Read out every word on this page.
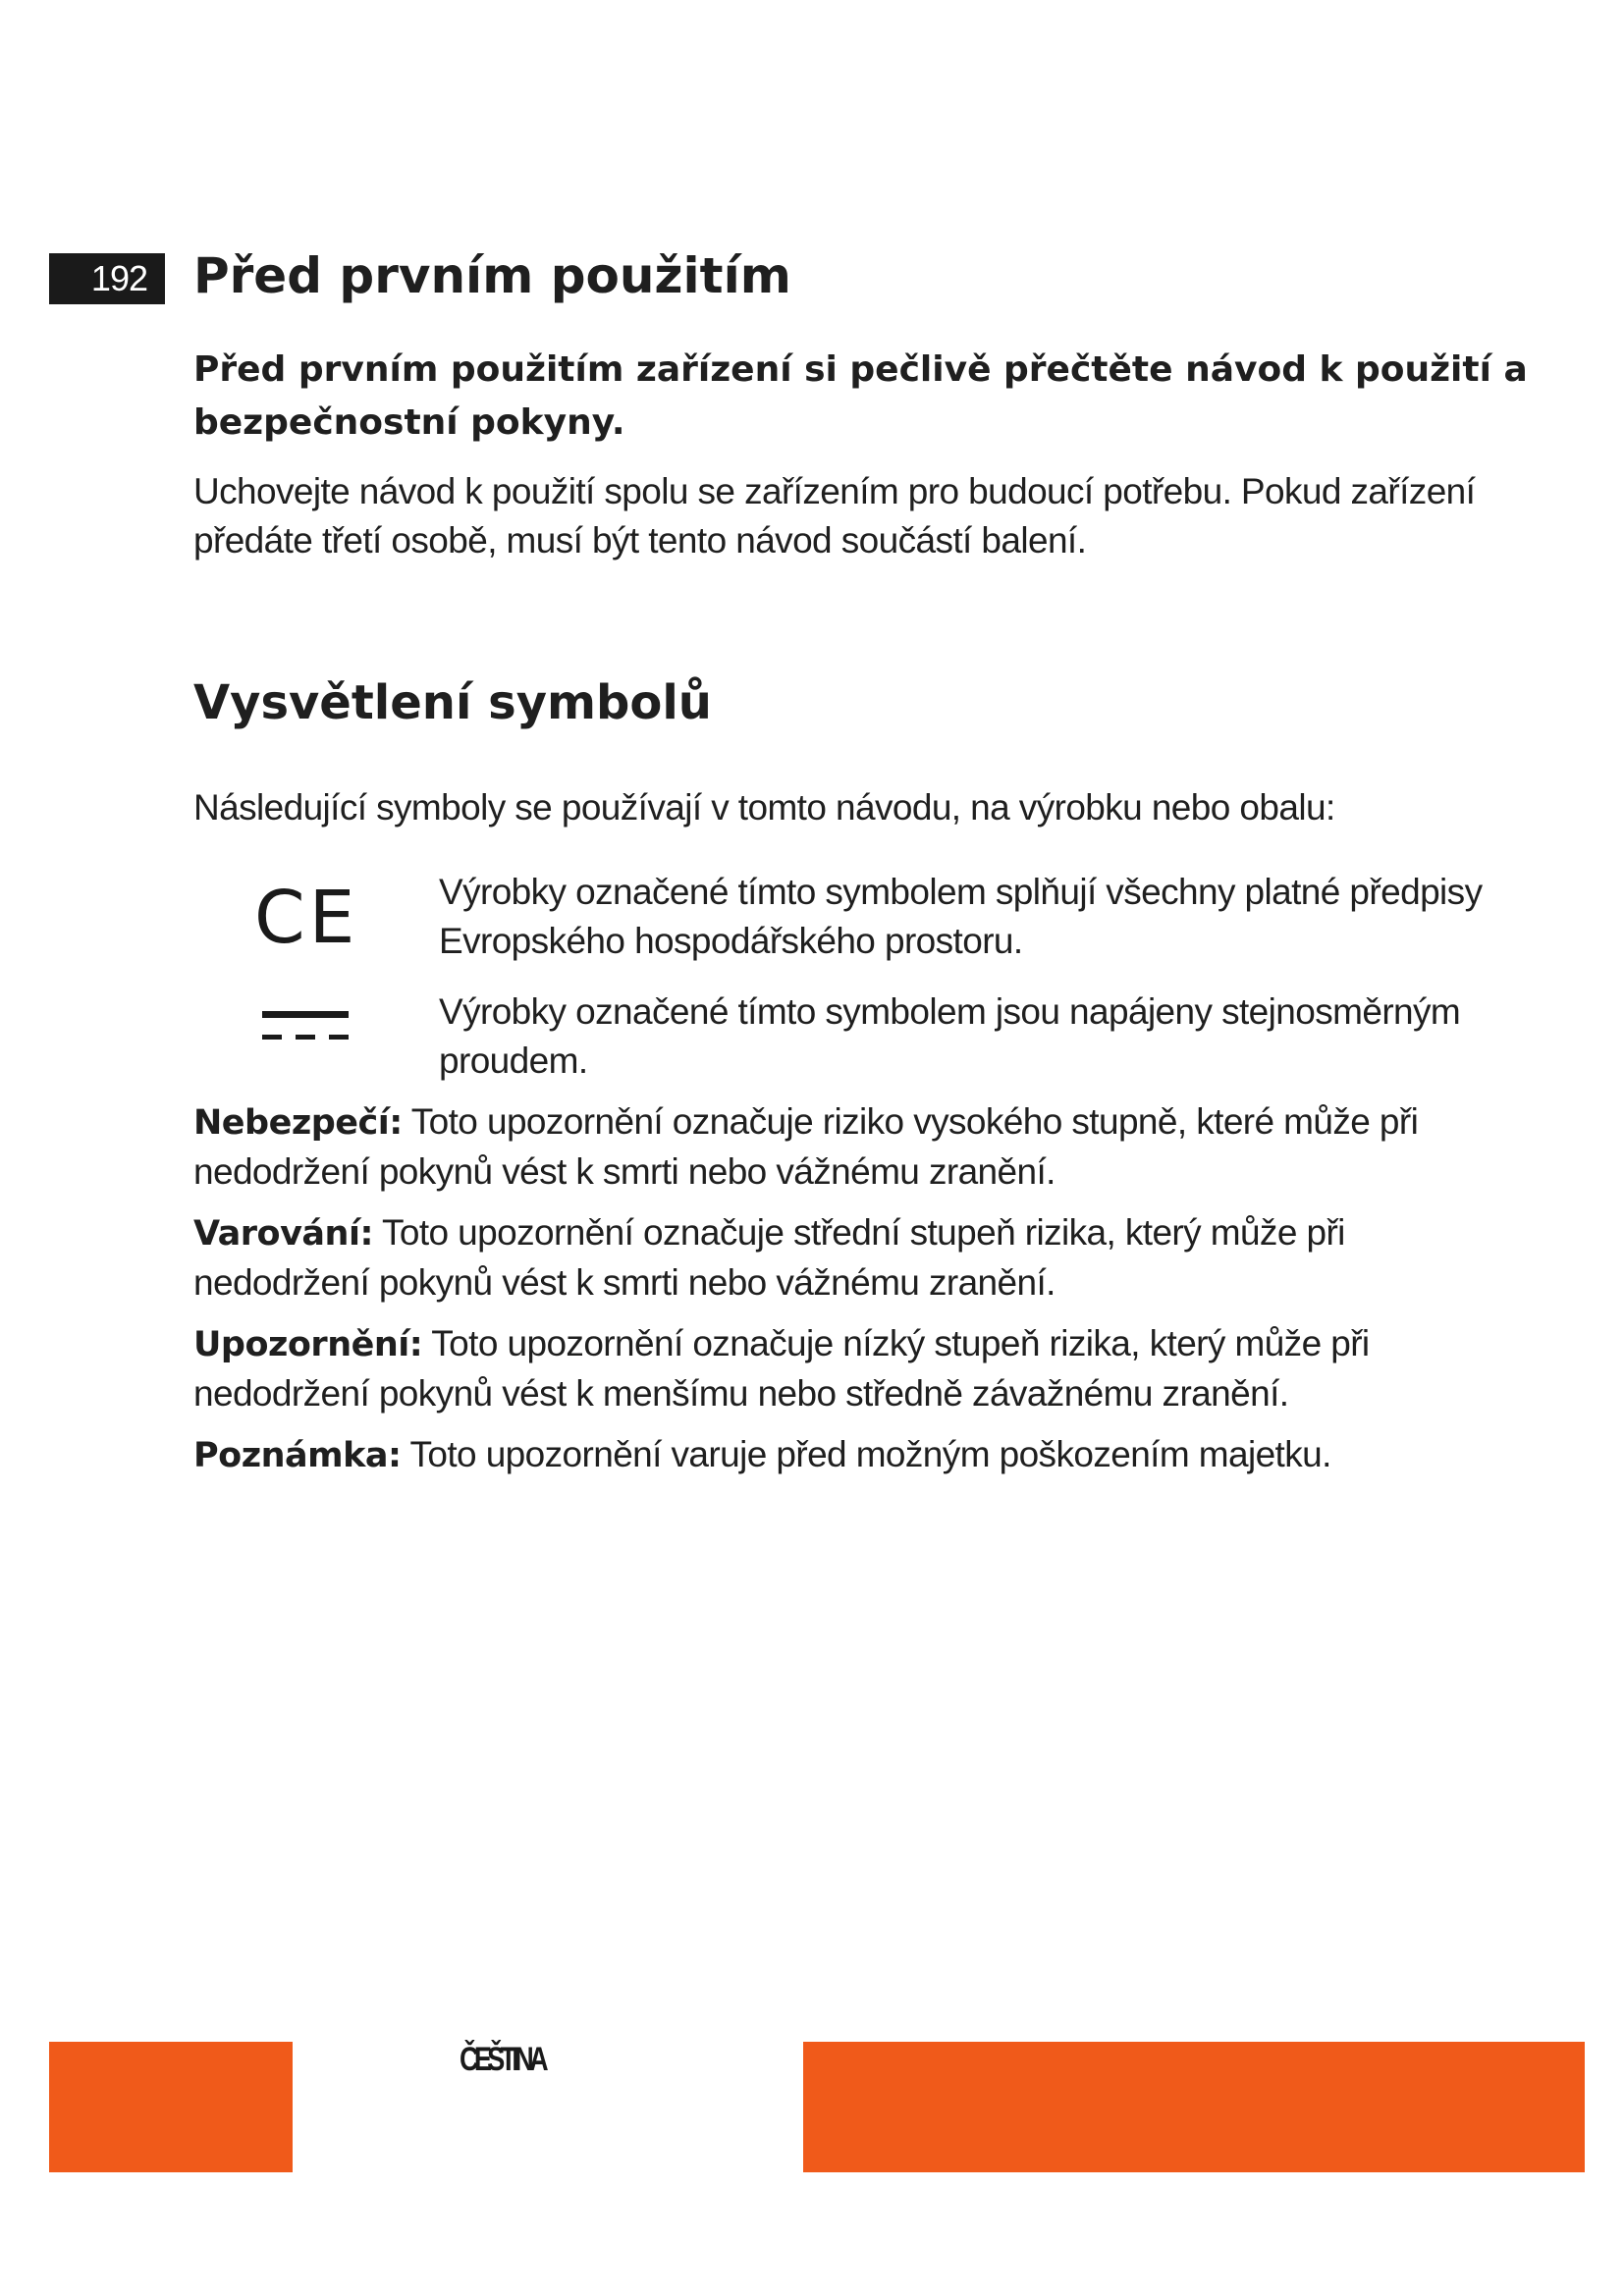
192 Před prvním použitím

Před prvním použitím zařízení si pečlivě přečtěte návod k použití a bezpečnostní pokyny.

Uchovejte návod k použití spolu se zařízením pro budoucí potřebu. Pokud zařízení předáte třetí osobě, musí být tento návod součástí balení.

Vysvětlení symbolů

Následující symboly se používají v tomto návodu, na výrobku nebo obalu:

CE Výrobky označené tímto symbolem splňují všechny platné předpisy Evropského hospodářského prostoru.

Výrobky označené tímto symbolem jsou napájeny stejnosměrným proudem.

Nebezpečí: Toto upozornění označuje riziko vysokého stupně, které může při nedodržení pokynů vést k smrti nebo vážnému zranění.

Varování: Toto upozornění označuje střední stupeň rizika, který může při nedodržení pokynů vést k smrti nebo vážnému zranění.

Upozornění: Toto upozornění označuje nízký stupeň rizika, který může při nedodržení pokynů vést k menšímu nebo středně závažnému zranění.

Poznámka: Toto upozornění varuje před možným poškozením majetku.

ČEŠTINA
